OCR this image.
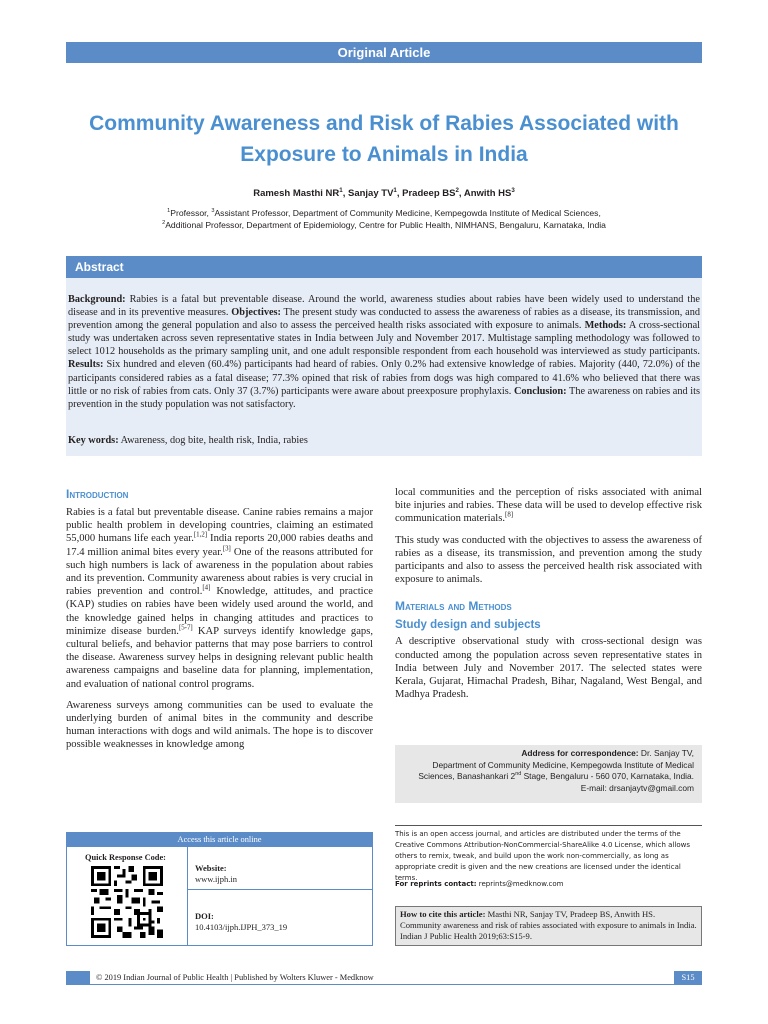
Original Article
Community Awareness and Risk of Rabies Associated with
Exposure to Animals in India
Ramesh Masthi $NR^1$, Sanjay $TV^1$, Pradeep $BS^2$, Anwith $HS^3$

$^1$Professor, $^3$Assistant Professor, Department of Community Medicine, Kempegowda Institute of Medical Sciences,

$^2$Additional Professor, Department of Epidemiology, Centre for Public Health, NIMHANS, Bengaluru, Karnataka, India

Abstract
Background: Rabies is a fatal but preventable disease. Around the world, awareness studies about rabies have been widely used to understand the disease and in its preventive measures. Objectives: The present study was conducted to assess the awareness of rabies as a disease, its transmission, and prevention among the general population and also to assess the perceived health risks associated with exposure to animals. Methods: A cross-sectional study was undertaken across seven representative states in India between July and November 2017. Multistage sampling methodology was followed to select 1012 households as the primary sampling unit, and one adult responsible respondent from each household was interviewed as study participants. Results: Six hundred and eleven (60.4%) participants had heard of rabies. Only 0.2% had extensive knowledge of rabies. Majority (440, 72.0%) of the participants considered rabies as a fatal disease; 77.3% opined that risk of rabies from dogs was high compared to 41.6% who believed that there was little or no risk of rabies from cats. Only 37 (3.7%) participants were aware about preexposure prophylaxis. Conclusion: The awareness on rabies and its prevention in the study population was not satisfactory.
Key words: Awareness, dog bite, health risk, India, rabies
Introduction

Rabies is a fatal but preventable disease. Canine rabies remains a major public health problem in developing countries, claiming an estimated 55,000 humans life each year.[1,2] India reports 20,000 rabies deaths and 17.4 million animal bites every year.[3] One of the reasons attributed for such high numbers is lack of awareness in the population about rabies and its prevention. Community awareness about rabies is very crucial in rabies prevention and control.[4] Knowledge, attitudes, and practice (KAP) studies on rabies have been widely used around the world, and the knowledge gained helps in changing attitudes and practices to minimize disease burden.[5-7] KAP surveys identify knowledge gaps, cultural beliefs, and behavior patterns that may pose barriers to control the disease. Awareness survey helps in designing relevant public health awareness campaigns and baseline data for planning, implementation, and evaluation of national control programs.

Awareness surveys among communities can be used to evaluate the underlying burden of animal bites in the community and describe human interactions with dogs and wild animals. The hope is to discover possible weaknesses in knowledge among

local communities and the perception of risks associated with animal bite injuries and rabies. These data will be used to develop effective risk communication materials.[8]

This study was conducted with the objectives to assess the awareness of rabies as a disease, its transmission, and prevention among the study participants and also to assess the perceived health risk associated with exposure to animals.

Materials and Methods
Study design and subjects

A descriptive observational study with cross-sectional design was conducted among the population across seven representative states in India between July and November 2017. The selected states were Kerala, Gujarat, Himachal Pradesh, Bihar, Nagaland, West Bengal, and Madhya Pradesh.

Address for correspondence: Dr. Sanjay TV,
Department of Community Medicine, Kempegowda Institute of Medical
Sciences, Banashankari 2nd Stage, Bengaluru - 560 070, Karnataka, India.
E-mail: drsanjaytv@gmail.com
This is an open access journal, and articles are distributed under the terms of the Creative Commons Attribution-NonCommercial-ShareAlike 4.0 License, which allows others to remix, tweak, and build upon the work non-commercially, as long as appropriate credit is given and the new creations are licensed under the identical terms.
For reprints contact: reprints@medknow.com
How to cite this article: Masthi NR, Sanjay TV, Pradeep BS, Anwith HS. Community awareness and risk of rabies associated with exposure to animals in India. Indian J Public Health 2019;63:S15-9.
Access this article online
Quick Response Code:
Website:
www.ijph.in
DOI:
10.4103/ijph.IJPH_373_19
© 2019 Indian Journal of Public Health | Published by Wolters Kluwer - Medknow	S15
